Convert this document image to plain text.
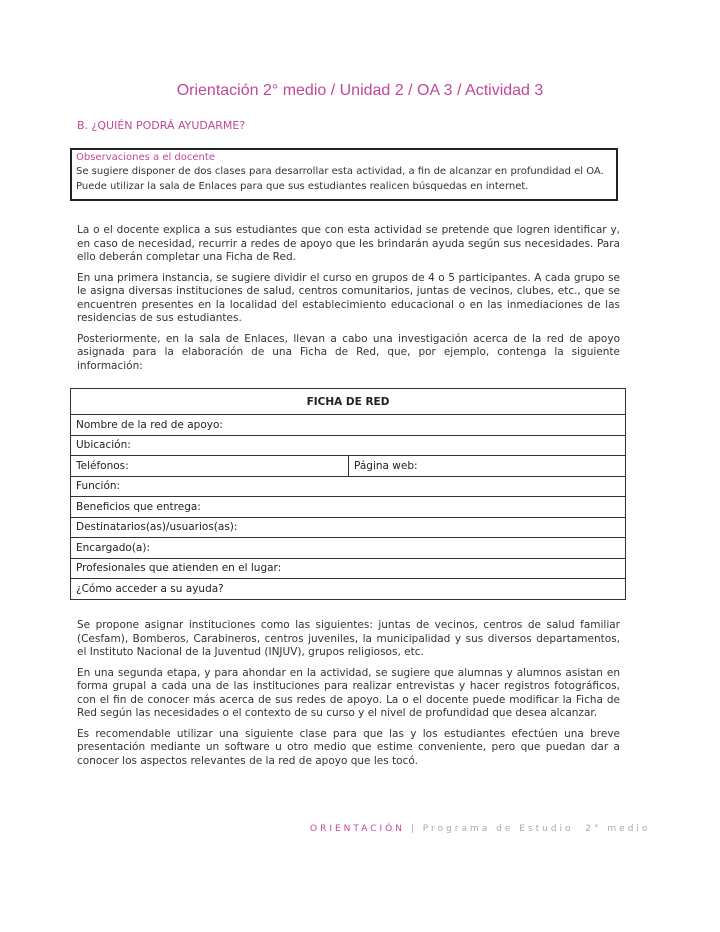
Orientación 2° medio / Unidad 2 / OA 3 / Actividad 3
B. ¿QUIÉN PODRÁ AYUDARME?
Observaciones a el docente
Se sugiere disponer de dos clases para desarrollar esta actividad, a fin de alcanzar en profundidad el OA. Puede utilizar la sala de Enlaces para que sus estudiantes realicen búsquedas en internet.

La o el docente explica a sus estudiantes que con esta actividad se pretende que logren identificar y, en caso de necesidad, recurrir a redes de apoyo que les brindarán ayuda según sus necesidades. Para ello deberán completar una Ficha de Red.

En una primera instancia, se sugiere dividir el curso en grupos de 4 o 5 participantes. A cada grupo se le asigna diversas instituciones de salud, centros comunitarios, juntas de vecinos, clubes, etc., que se encuentren presentes en la localidad del establecimiento educacional o en las inmediaciones de las residencias de sus estudiantes.

Posteriormente, en la sala de Enlaces, llevan a cabo una investigación acerca de la red de apoyo asignada para la elaboración de una Ficha de Red, que, por ejemplo, contenga la siguiente información:

FICHA DE RED
Nombre de la red de apoyo:
Ubicación:
Teléfonos:	Página web:
Función:
Beneficios que entrega:
Destinatarios(as)/usuarios(as):
Encargado(a):
Profesionales que atienden en el lugar:
¿Cómo acceder a su ayuda?

Se propone asignar instituciones como las siguientes: juntas de vecinos, centros de salud familiar (Cesfam), Bomberos, Carabineros, centros juveniles, la municipalidad y sus diversos departamentos, el Instituto Nacional de la Juventud (INJUV), grupos religiosos, etc.

En una segunda etapa, y para ahondar en la actividad, se sugiere que alumnas y alumnos asistan en forma grupal a cada una de las instituciones para realizar entrevistas y hacer registros fotográficos, con el fin de conocer más acerca de sus redes de apoyo. La o el docente puede modificar la Ficha de Red según las necesidades o el contexto de su curso y el nivel de profundidad que desea alcanzar.

Es recomendable utilizar una siguiente clase para que las y los estudiantes efectúen una breve presentación mediante un software u otro medio que estime conveniente, pero que puedan dar a conocer los aspectos relevantes de la red de apoyo que les tocó.

ORIENTACIÓN | Programa de Estudio 2° medio
